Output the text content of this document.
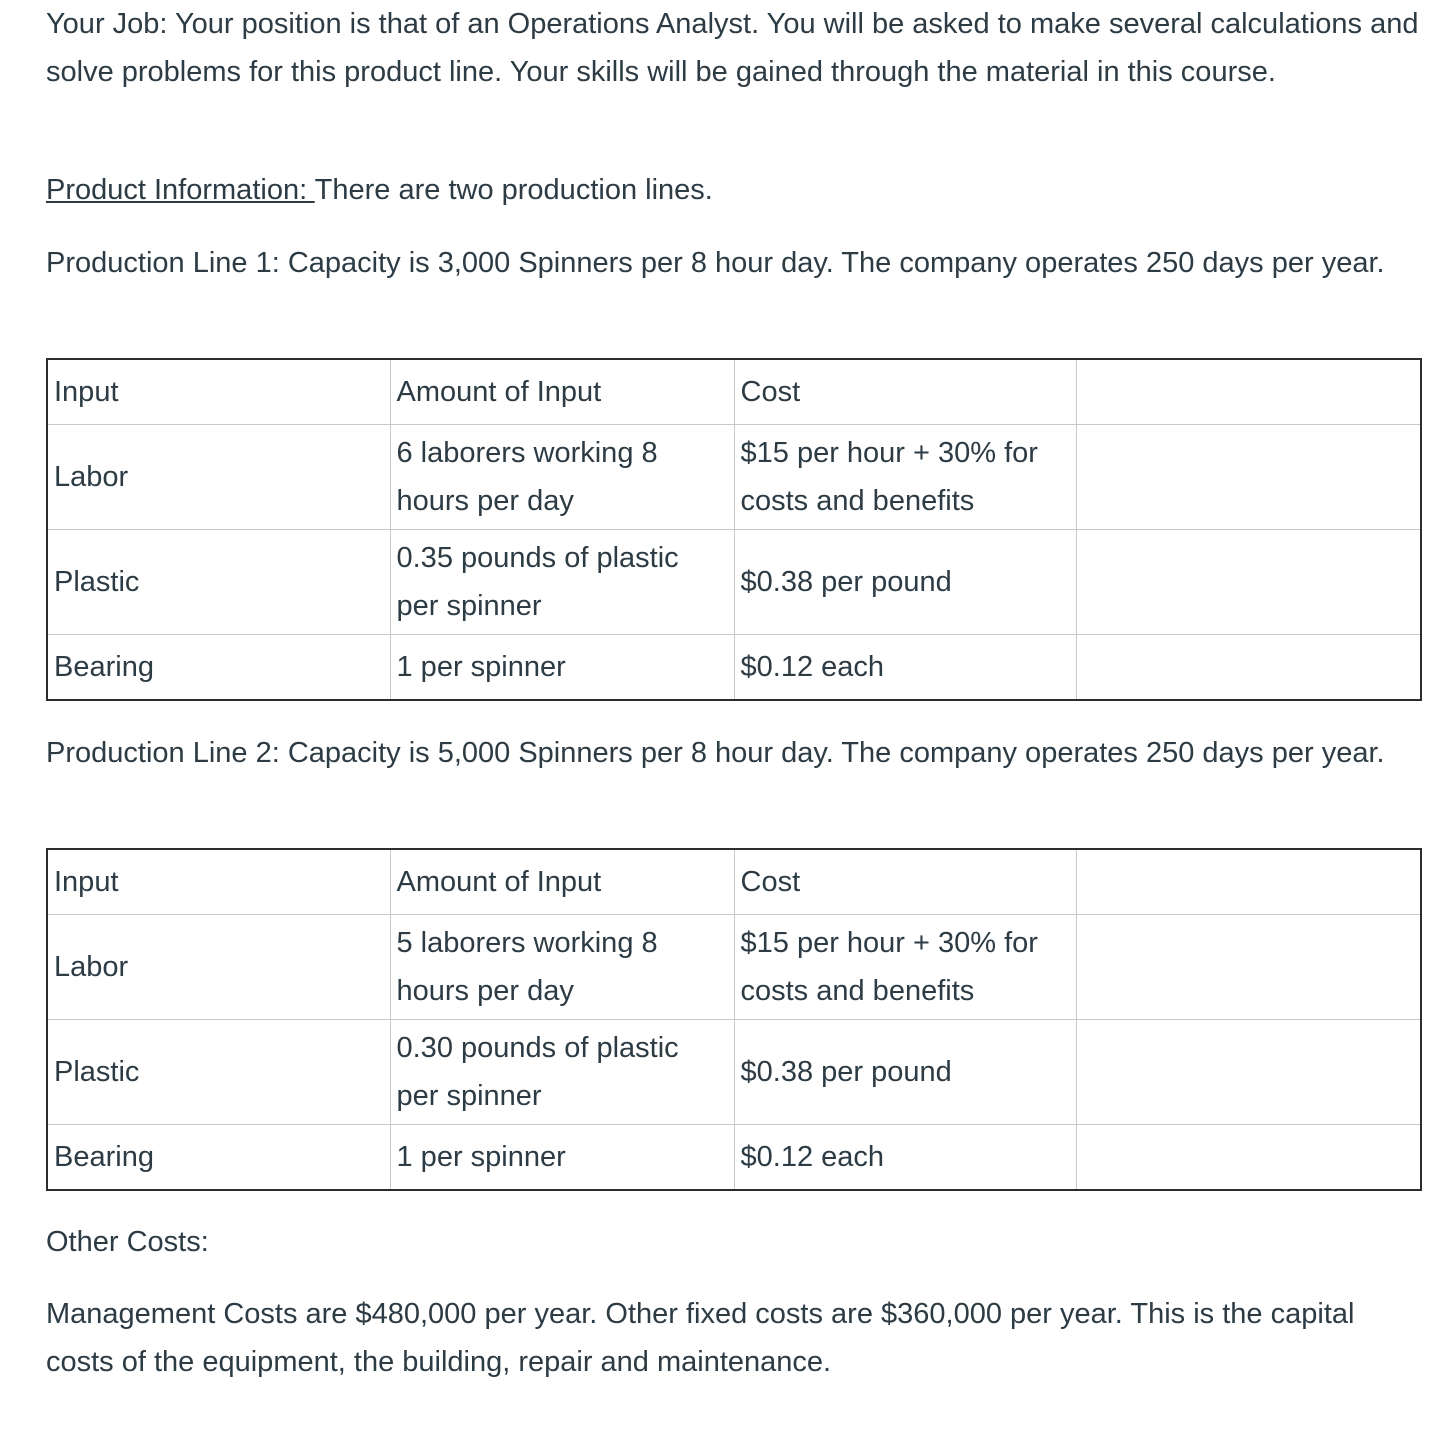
Your Job: Your position is that of an Operations Analyst. You will be asked to make several calculations and solve problems for this product line. Your skills will be gained through the material in this course.

Product Information: There are two production lines.

Production Line 1: Capacity is 3,000 Spinners per 8 hour day. The company operates 250 days per year.

Input	Amount of Input	Cost	
Labor	6 laborers working 8 hours per day	$15 per hour + 30% for costs and benefits	
Plastic	0.35 pounds of plastic per spinner	$0.38 per pound	
Bearing	1 per spinner	$0.12 each	

Production Line 2: Capacity is 5,000 Spinners per 8 hour day. The company operates 250 days per year.

Input	Amount of Input	Cost	
Labor	5 laborers working 8 hours per day	$15 per hour + 30% for costs and benefits	
Plastic	0.30 pounds of plastic per spinner	$0.38 per pound	
Bearing	1 per spinner	$0.12 each	

Other Costs:

Management Costs are $480,000 per year. Other fixed costs are $360,000 per year. This is the capital costs of the equipment, the building, repair and maintenance.
